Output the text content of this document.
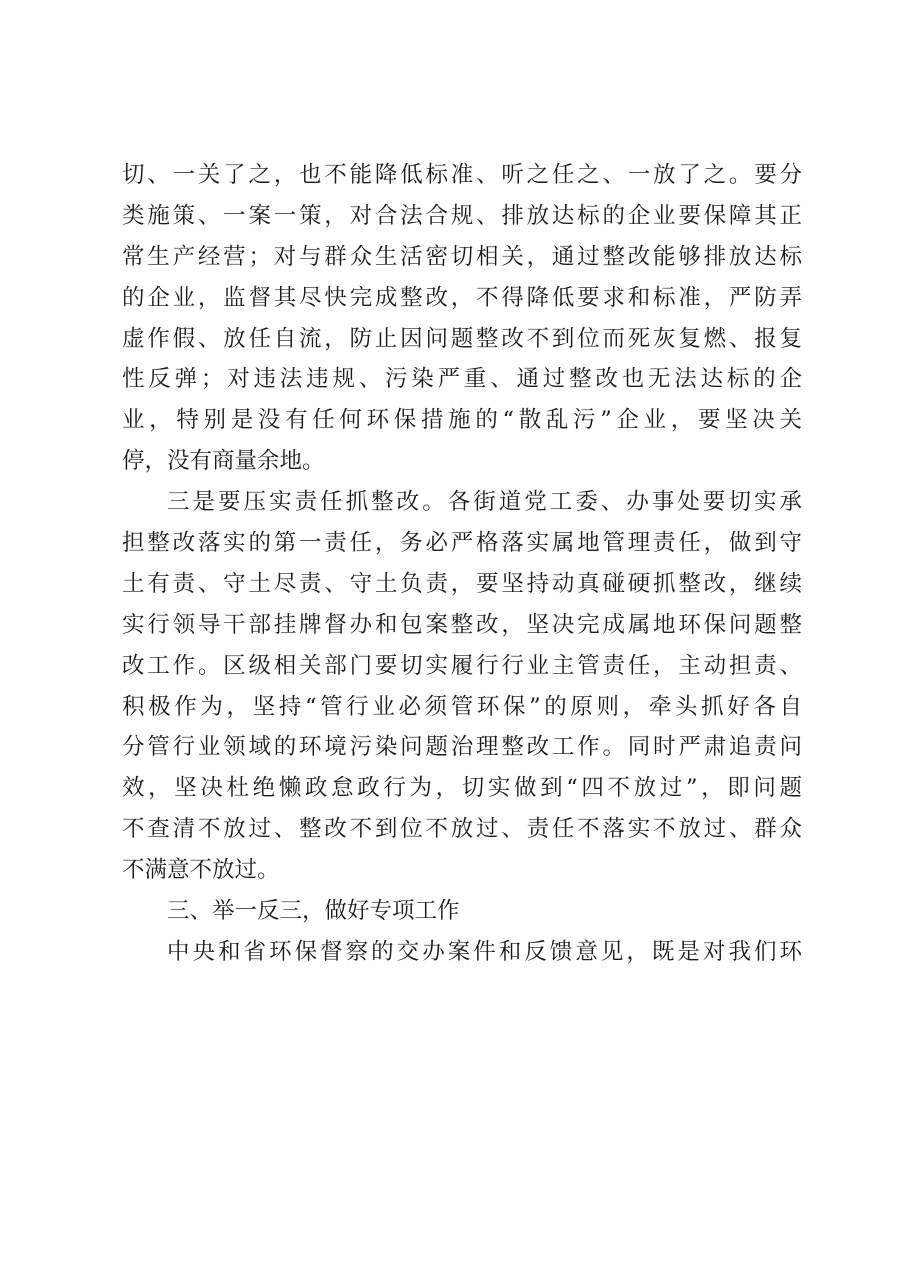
切、一关了之，也不能降低标准、听之任之、一放了之。要分
类施策、一案一策，对合法合规、排放达标的企业要保障其正
常生产经营；对与群众生活密切相关，通过整改能够排放达标
的企业，监督其尽快完成整改，不得降低要求和标准，严防弄
虚作假、放任自流，防止因问题整改不到位而死灰复燃、报复
性反弹；对违法违规、污染严重、通过整改也无法达标的企
业，特别是没有任何环保措施的“散乱污”企业，要坚决关
停，没有商量余地。
三是要压实责任抓整改。各街道党工委、办事处要切实承
担整改落实的第一责任，务必严格落实属地管理责任，做到守
土有责、守土尽责、守土负责，要坚持动真碰硬抓整改，继续
实行领导干部挂牌督办和包案整改，坚决完成属地环保问题整
改工作。区级相关部门要切实履行行业主管责任，主动担责、
积极作为，坚持“管行业必须管环保”的原则，牵头抓好各自
分管行业领域的环境污染问题治理整改工作。同时严肃追责问
效，坚决杜绝懒政怠政行为，切实做到“四不放过”，即问题
不查清不放过、整改不到位不放过、责任不落实不放过、群众
不满意不放过。
三、举一反三，做好专项工作
中央和省环保督察的交办案件和反馈意见，既是对我们环
